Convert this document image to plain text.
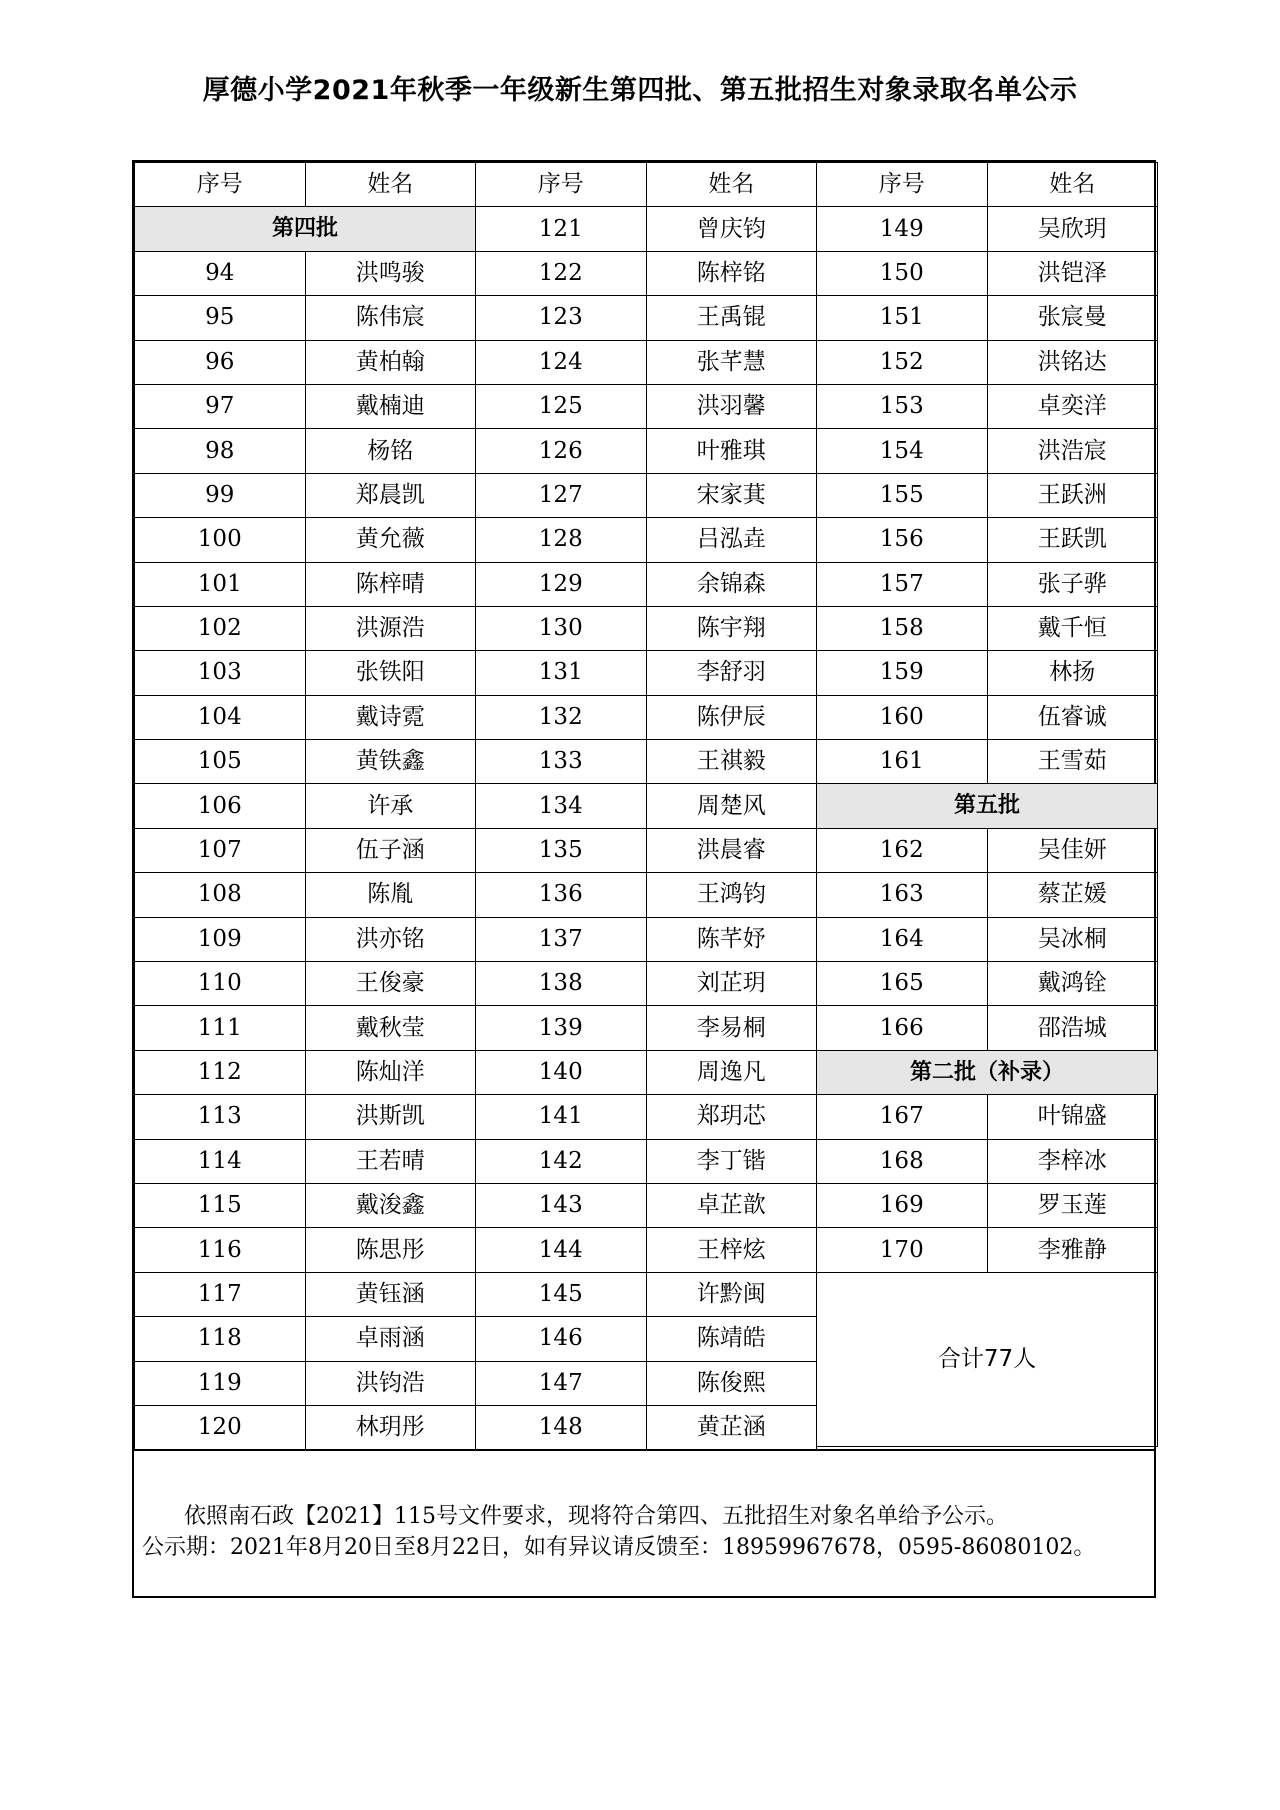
厚德小学2021年秋季一年级新生第四批、第五批招生对象录取名单公示
序号	姓名
第四批	
94	洪鸣骏
95	陈伟宸
96	黄柏翰
97	戴楠迪
98	杨铭
99	郑晨凯
100	黄允薇
101	陈梓晴
102	洪源浩
103	张铁阳
104	戴诗霓
105	黄铁鑫
106	许承
107	伍子涵
108	陈胤
109	洪亦铭
110	王俊豪
111	戴秋莹
112	陈灿洋
113	洪斯凯
114	王若晴
115	戴浚鑫
116	陈思彤
117	黄钰涵
118	卓雨涵
119	洪钧浩
120	林玥彤
序号	姓名
121	曾庆钧
122	陈梓铭
123	王禹锟
124	张芊慧
125	洪羽馨
126	叶雅琪
127	宋家萁
128	吕泓垚
129	余锦森
130	陈宇翔
131	李舒羽
132	陈伊辰
133	王祺毅
134	周楚风
135	洪晨睿
136	王鸿钧
137	陈芊妤
138	刘芷玥
139	李易桐
140	周逸凡
141	郑玥芯
142	李丁锴
143	卓芷歆
144	王梓炫
145	许黔闽
146	陈靖皓
147	陈俊熙
148	黄芷涵
序号	姓名
149	吴欣玥
150	洪铠泽
151	张宸曼
152	洪铭达
153	卓奕洋
154	洪浩宸
155	王跃洲
156	王跃凯
157	张子骅
158	戴千恒
159	林扬
160	伍睿诚
161	王雪茹
第五批	
162	吴佳妍
163	蔡芷媛
164	吴冰桐
165	戴鸿铨
166	邵浩城
第二批（补录）	
167	叶锦盛
168	李梓冰
169	罗玉莲
170	李雅静
合计77人	
依照南石政【2021】115号文件要求，现将符合第四、五批招生对象名单给予公示。
公示期：2021年8月20日至8月22日，如有异议请反馈至：18959967678，0595-86080102。
